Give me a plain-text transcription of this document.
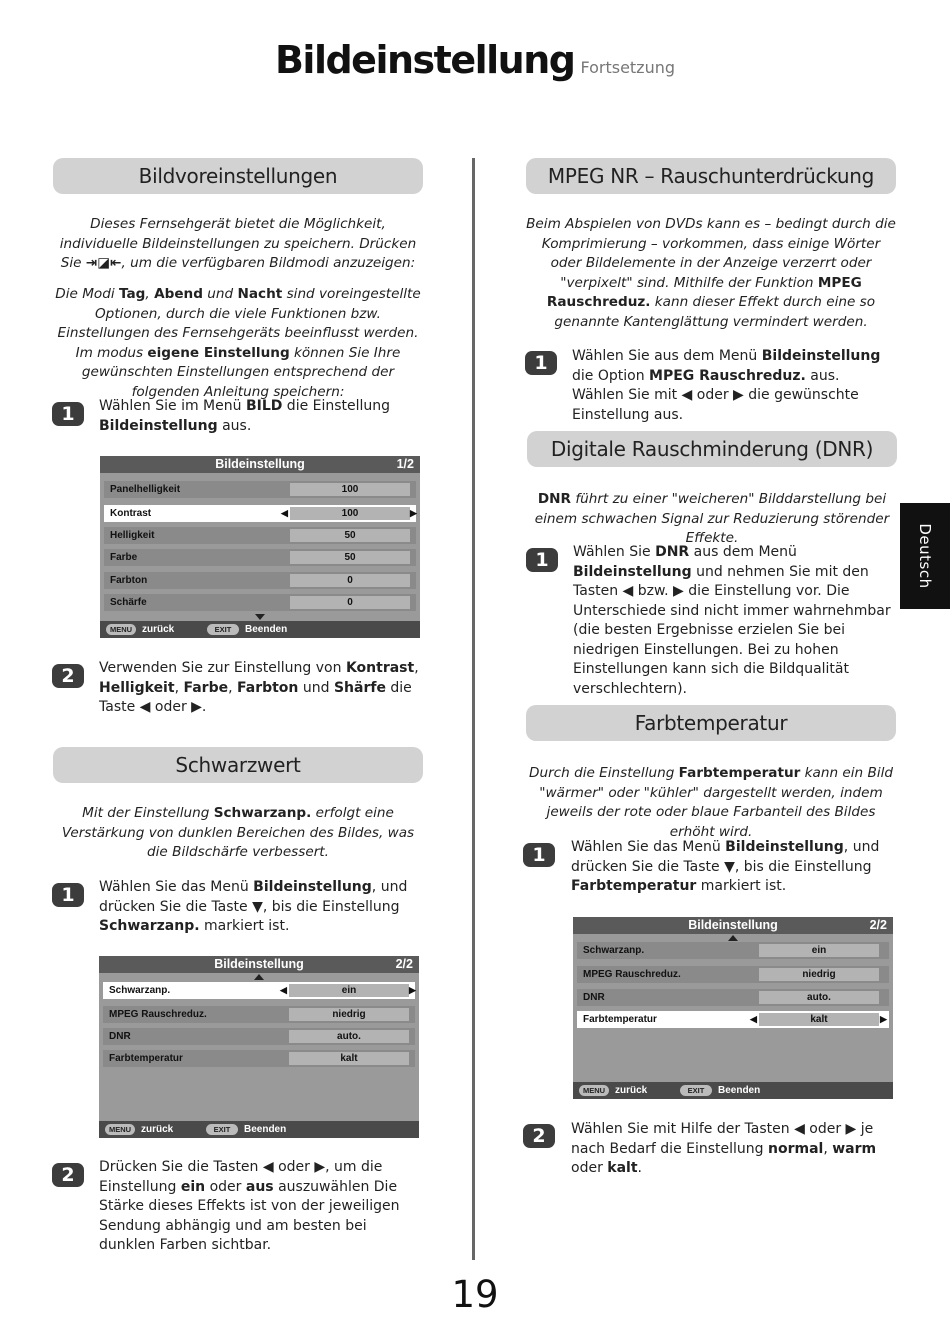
Bildeinstellung Fortsetzung
Deutsch
Bildvoreinstellungen
Dieses Fernsehgerät bietet die Möglichkeit, individuelle Bildeinstellungen zu speichern. Drücken Sie ⇥◪⇤, um die verfügbaren Bildmodi anzuzeigen:
Die Modi Tag, Abend und Nacht sind voreingestellte Optionen, durch die viele Funktionen bzw. Einstellungen des Fernsehgeräts beeinflusst werden. Im modus eigene Einstellung können Sie Ihre gewünschten Einstellungen entsprechend der folgenden Anleitung speichern:
1	Wählen Sie im Menü BILD die Einstellung Bildeinstellung aus.
Bildeinstellung	1/2
Panelhelligkeit	100
Kontrast	◀	100	▶
Helligkeit	50
Farbe	50
Farbton	0
Schärfe	0
MENU zurück	EXIT	Beenden
2	Verwenden Sie zur Einstellung von Kontrast, Helligkeit, Farbe, Farbton und Shärfe die Taste ◀ oder ▶.
Schwarzwert
Mit der Einstellung Schwarzanp. erfolgt eine Verstärkung von dunklen Bereichen des Bildes, was die Bildschärfe verbessert.
1	Wählen Sie das Menü Bildeinstellung, und drücken Sie die Taste ▼, bis die Einstellung Schwarzanp. markiert ist.
Bildeinstellung	2/2
Schwarzanp.	◀	ein	▶
MPEG Rauschreduz.	niedrig
DNR	auto.
Farbtemperatur	kalt
MENU zurück	EXIT	Beenden
2	Drücken Sie die Tasten ◀ oder ▶, um die Einstellung ein oder aus auszuwählen Die Stärke dieses Effekts ist von der jeweiligen Sendung abhängig und am besten bei dunklen Farben sichtbar.
MPEG NR – Rauschunterdrückung
Beim Abspielen von DVDs kann es – bedingt durch die Komprimierung – vorkommen, dass einige Wörter oder Bildelemente in der Anzeige verzerrt oder "verpixelt" sind. Mithilfe der Funktion MPEG Rauschreduz. kann dieser Effekt durch eine so genannte Kantenglättung vermindert werden.
1	Wählen Sie aus dem Menü Bildeinstellung die Option MPEG Rauschreduz. aus. Wählen Sie mit ◀ oder ▶ die gewünschte Einstellung aus.
Digitale Rauschminderung (DNR)
DNR führt zu einer "weicheren" Bilddarstellung bei einem schwachen Signal zur Reduzierung störender Effekte.
1	Wählen Sie DNR aus dem Menü Bildeinstellung und nehmen Sie mit den Tasten ◀ bzw. ▶ die Einstellung vor. Die Unterschiede sind nicht immer wahrnehmbar (die besten Ergebnisse erzielen Sie bei niedrigen Einstellungen. Bei zu hohen Einstellungen kann sich die Bildqualität verschlechtern).
Farbtemperatur
Durch die Einstellung Farbtemperatur kann ein Bild "wärmer" oder "kühler" dargestellt werden, indem jeweils der rote oder blaue Farbanteil des Bildes erhöht wird.
1	Wählen Sie das Menü Bildeinstellung, und drücken Sie die Taste ▼, bis die Einstellung Farbtemperatur markiert ist.
Bildeinstellung	2/2
Schwarzanp.	ein
MPEG Rauschreduz.	niedrig
DNR	auto.
Farbtemperatur	◀	kalt	▶
MENU zurück	EXIT	Beenden
2	Wählen Sie mit Hilfe der Tasten ◀ oder ▶ je nach Bedarf die Einstellung normal, warm oder kalt.
19
